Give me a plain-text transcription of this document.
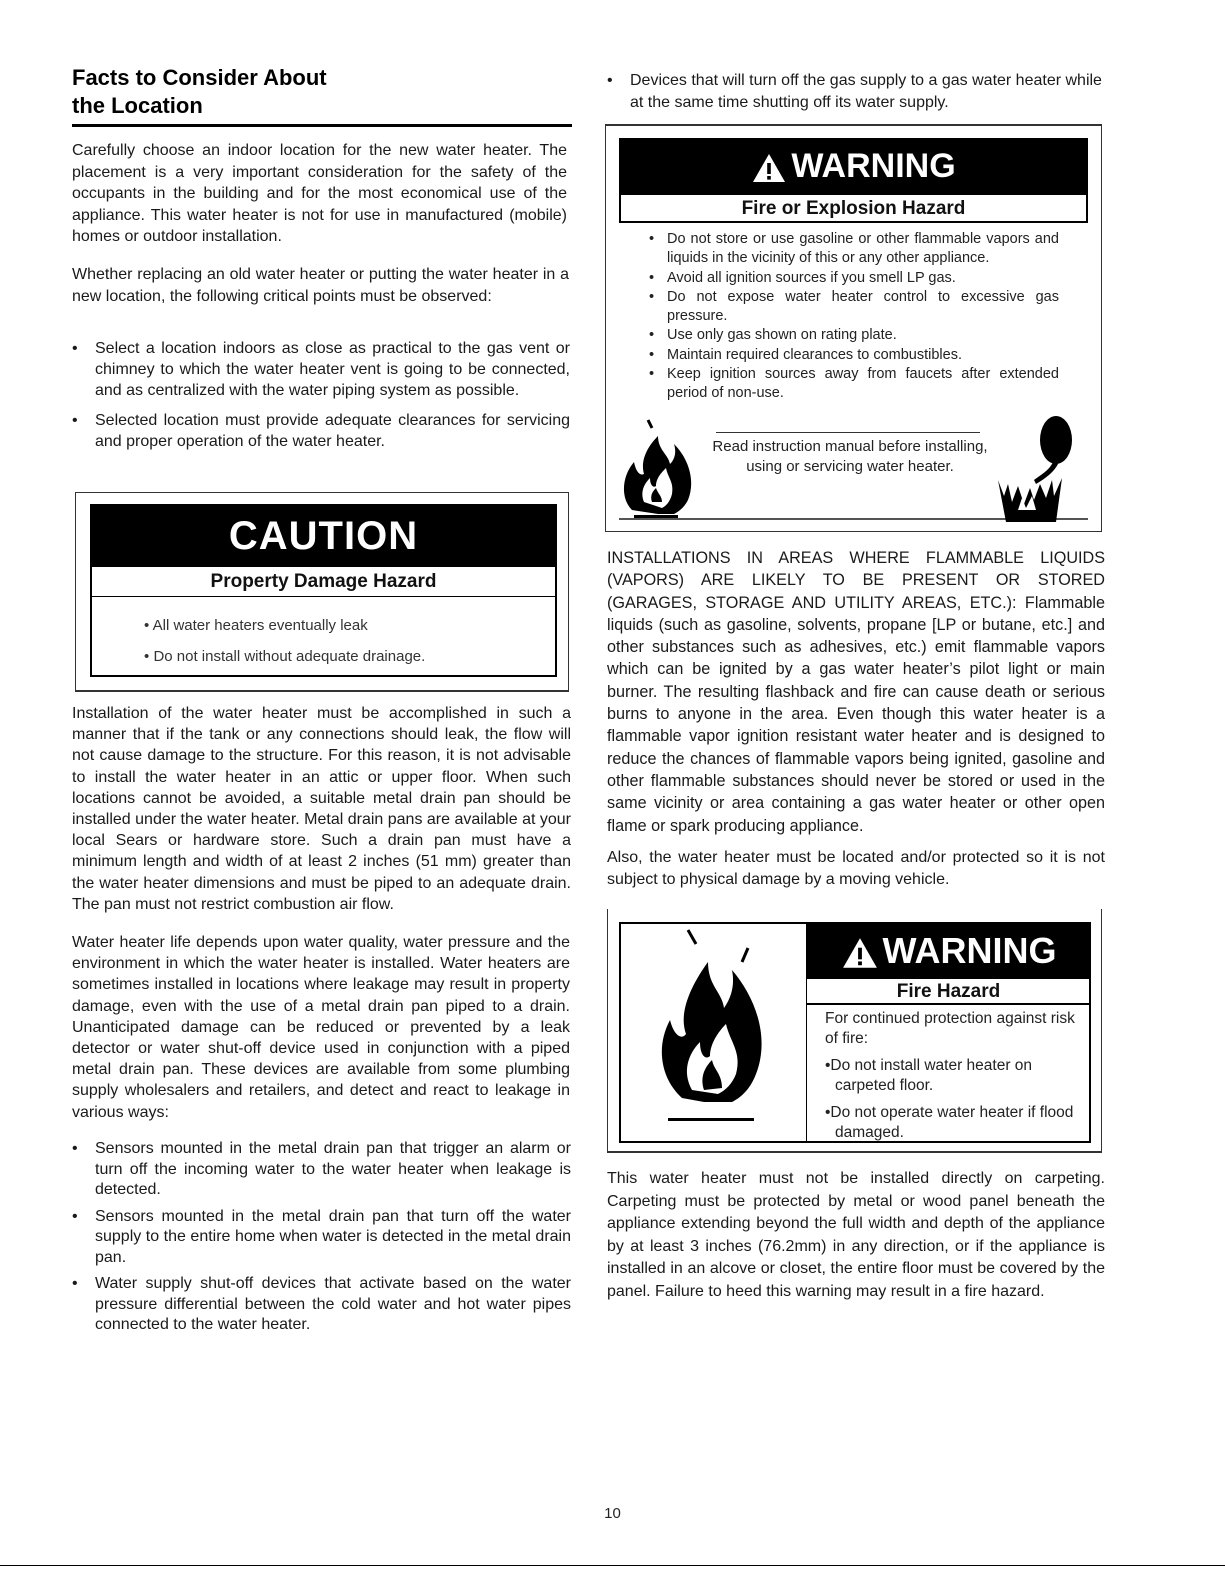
Facts to Consider About
the Location

Carefully choose an indoor location for the new water heater. The placement is a very important consideration for the safety of the occupants in the building and for the most economical use of the appliance. This water heater is not for use in manufactured (mobile) homes or outdoor installation.

Whether replacing an old water heater or putting the water heater in a new location, the following critical points must be observed:

• Select a location indoors as close as practical to the gas vent or chimney to which the water heater vent is going to be connected, and as centralized with the water piping system as possible.
• Selected location must provide adequate clearances for servicing and proper operation of the water heater.
CAUTION
Property Damage Hazard
• All water heaters eventually leak
• Do not install without adequate drainage.

Installation of the water heater must be accomplished in such a manner that if the tank or any connections should leak, the flow will not cause damage to the structure. For this reason, it is not advisable to install the water heater in an attic or upper floor. When such locations cannot be avoided, a suitable metal drain pan should be installed under the water heater. Metal drain pans are available at your local Sears or hardware store. Such a drain pan must have a minimum length and width of at least 2 inches (51 mm) greater than the water heater dimensions and must be piped to an adequate drain. The pan must not restrict combustion air flow.

Water heater life depends upon water quality, water pressure and the environment in which the water heater is installed. Water heaters are sometimes installed in locations where leakage may result in property damage, even with the use of a metal drain pan piped to a drain. Unanticipated damage can be reduced or prevented by a leak detector or water shut-off device used in conjunction with a piped metal drain pan. These devices are available from some plumbing supply wholesalers and retailers, and detect and react to leakage in various ways:

• Sensors mounted in the metal drain pan that trigger an alarm or turn off the incoming water to the water heater when leakage is detected.
• Sensors mounted in the metal drain pan that turn off the water supply to the entire home when water is detected in the metal drain pan.
• Water supply shut-off devices that activate based on the water pressure differential between the cold water and hot water pipes connected to the water heater.
• Devices that will turn off the gas supply to a gas water heater while at the same time shutting off its water supply.
WARNING
Fire or Explosion Hazard
• Do not store or use gasoline or other flammable vapors and liquids in the vicinity of this or any other appliance.
• Avoid all ignition sources if you smell LP gas.
• Do not expose water heater control to excessive gas pressure.
• Use only gas shown on rating plate.
• Maintain required clearances to combustibles.
• Keep ignition sources away from faucets after extended period of non-use.
Read instruction manual before installing, using or servicing water heater.

INSTALLATIONS IN AREAS WHERE FLAMMABLE LIQUIDS (VAPORS) ARE LIKELY TO BE PRESENT OR STORED (GARAGES, STORAGE AND UTILITY AREAS, ETC.): Flammable liquids (such as gasoline, solvents, propane [LP or butane, etc.] and other substances such as adhesives, etc.) emit flammable vapors which can be ignited by a gas water heater’s pilot light or main burner. The resulting flashback and fire can cause death or serious burns to anyone in the area. Even though this water heater is a flammable vapor ignition resistant water heater and is designed to reduce the chances of flammable vapors being ignited, gasoline and other flammable substances should never be stored or used in the same vicinity or area containing a gas water heater or other open flame or spark producing appliance.

Also, the water heater must be located and/or protected so it is not subject to physical damage by a moving vehicle.

WARNING
Fire Hazard
For continued protection against risk of fire:
•Do not install water heater on carpeted floor.
•Do not operate water heater if flood damaged.

This water heater must not be installed directly on carpeting. Carpeting must be protected by metal or wood panel beneath the appliance extending beyond the full width and depth of the appliance by at least 3 inches (76.2mm) in any direction, or if the appliance is installed in an alcove or closet, the entire floor must be covered by the panel. Failure to heed this warning may result in a fire hazard.

10
